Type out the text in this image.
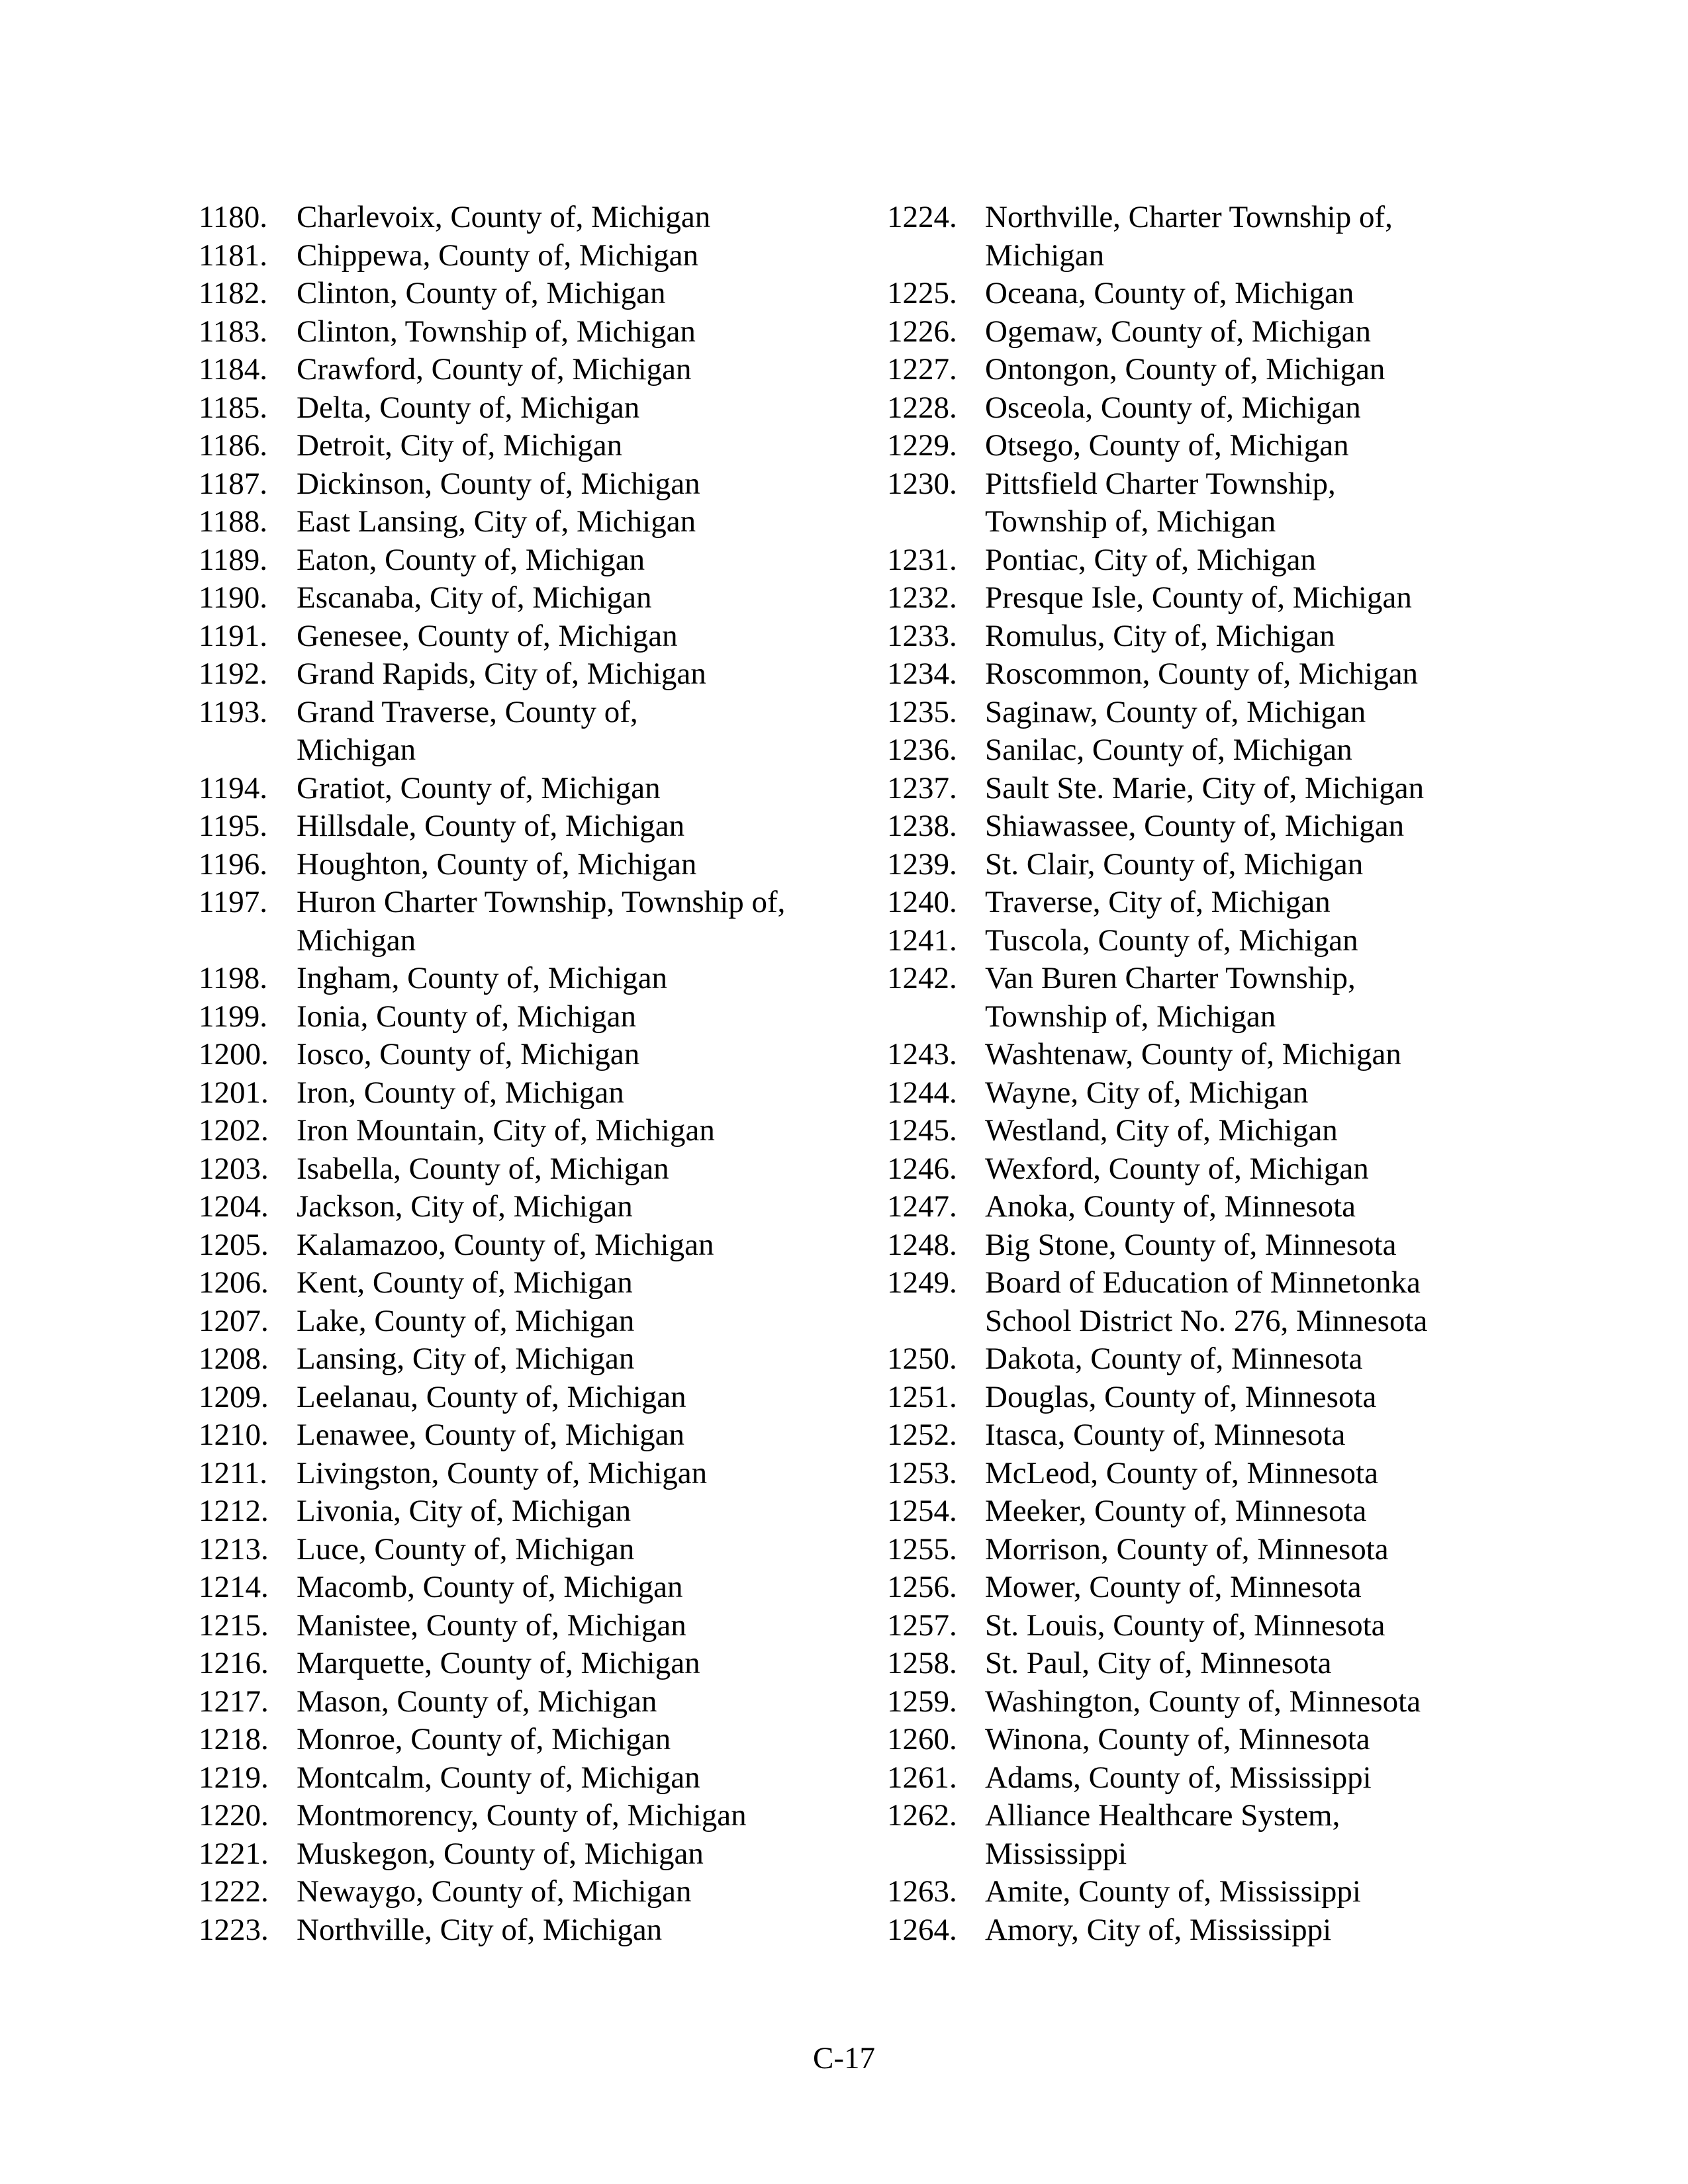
1180. Charlevoix, County of, Michigan
1181. Chippewa, County of, Michigan
1182. Clinton, County of, Michigan
1183. Clinton, Township of, Michigan
1184. Crawford, County of, Michigan
1185. Delta, County of, Michigan
1186. Detroit, City of, Michigan
1187. Dickinson, County of, Michigan
1188. East Lansing, City of, Michigan
1189. Eaton, County of, Michigan
1190. Escanaba, City of, Michigan
1191. Genesee, County of, Michigan
1192. Grand Rapids, City of, Michigan
1193. Grand Traverse, County of, Michigan
1194. Gratiot, County of, Michigan
1195. Hillsdale, County of, Michigan
1196. Houghton, County of, Michigan
1197. Huron Charter Township, Township of, Michigan
1198. Ingham, County of, Michigan
1199. Ionia, County of, Michigan
1200. Iosco, County of, Michigan
1201. Iron, County of, Michigan
1202. Iron Mountain, City of, Michigan
1203. Isabella, County of, Michigan
1204. Jackson, City of, Michigan
1205. Kalamazoo, County of, Michigan
1206. Kent, County of, Michigan
1207. Lake, County of, Michigan
1208. Lansing, City of, Michigan
1209. Leelanau, County of, Michigan
1210. Lenawee, County of, Michigan
1211. Livingston, County of, Michigan
1212. Livonia, City of, Michigan
1213. Luce, County of, Michigan
1214. Macomb, County of, Michigan
1215. Manistee, County of, Michigan
1216. Marquette, County of, Michigan
1217. Mason, County of, Michigan
1218. Monroe, County of, Michigan
1219. Montcalm, County of, Michigan
1220. Montmorency, County of, Michigan
1221. Muskegon, County of, Michigan
1222. Newaygo, County of, Michigan
1223. Northville, City of, Michigan
1224. Northville, Charter Township of, Michigan
1225. Oceana, County of, Michigan
1226. Ogemaw, County of, Michigan
1227. Ontongon, County of, Michigan
1228. Osceola, County of, Michigan
1229. Otsego, County of, Michigan
1230. Pittsfield Charter Township, Township of, Michigan
1231. Pontiac, City of, Michigan
1232. Presque Isle, County of, Michigan
1233. Romulus, City of, Michigan
1234. Roscommon, County of, Michigan
1235. Saginaw, County of, Michigan
1236. Sanilac, County of, Michigan
1237. Sault Ste. Marie, City of, Michigan
1238. Shiawassee, County of, Michigan
1239. St. Clair, County of, Michigan
1240. Traverse, City of, Michigan
1241. Tuscola, County of, Michigan
1242. Van Buren Charter Township, Township of, Michigan
1243. Washtenaw, County of, Michigan
1244. Wayne, City of, Michigan
1245. Westland, City of, Michigan
1246. Wexford, County of, Michigan
1247. Anoka, County of, Minnesota
1248. Big Stone, County of, Minnesota
1249. Board of Education of Minnetonka School District No. 276, Minnesota
1250. Dakota, County of, Minnesota
1251. Douglas, County of, Minnesota
1252. Itasca, County of, Minnesota
1253. McLeod, County of, Minnesota
1254. Meeker, County of, Minnesota
1255. Morrison, County of, Minnesota
1256. Mower, County of, Minnesota
1257. St. Louis, County of, Minnesota
1258. St. Paul, City of, Minnesota
1259. Washington, County of, Minnesota
1260. Winona, County of, Minnesota
1261. Adams, County of, Mississippi
1262. Alliance Healthcare System, Mississippi
1263. Amite, County of, Mississippi
1264. Amory, City of, Mississippi
C-17
